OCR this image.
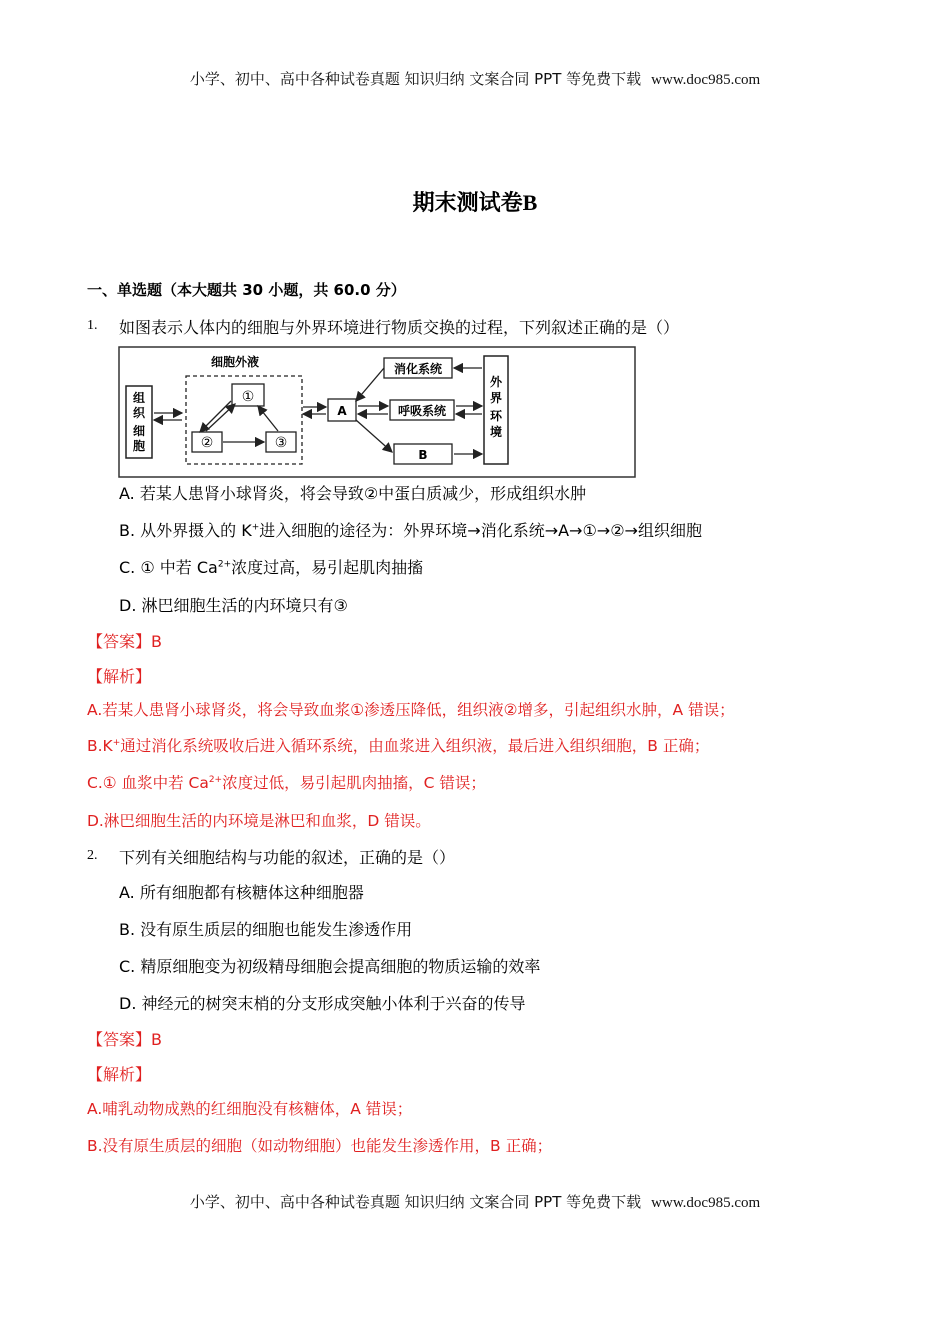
小学、初中、高中各种试卷真题 知识归纳 文案合同 PPT 等免费下载 www.doc985.com
期末测试卷B
一、单选题（本大题共 30 小题，共 60.0 分）
1. 如图表示人体内的细胞与外界环境进行物质交换的过程，下列叙述正确的是（）
组
织
细
胞
细胞外液
①
②	③
A
消化系统
呼吸系统
B
外
界
环
境
A. 若某人患肾小球肾炎，将会导致②中蛋白质减少，形成组织水肿
B. 从外界摄入的 K+进入细胞的途径为：外界环境→消化系统→A→①→②→组织细胞
C. ① 中若 $Ca^{2+}$浓度过高，易引起肌肉抽搐
D. 淋巴细胞生活的内环境只有③
【答案】B
【解析】
A.若某人患肾小球肾炎，将会导致血浆①渗透压降低，组织液②增多，引起组织水肿，A 错误；
B.K+通过消化系统吸收后进入循环系统，由血浆进入组织液，最后进入组织细胞，B 正确；
C.① 血浆中若 $Ca^{2+}$浓度过低，易引起肌肉抽搐，C 错误；
D.淋巴细胞生活的内环境是淋巴和血浆，D 错误。
2. 下列有关细胞结构与功能的叙述，正确的是（）
A. 所有细胞都有核糖体这种细胞器
B. 没有原生质层的细胞也能发生渗透作用
C. 精原细胞变为初级精母细胞会提高细胞的物质运输的效率
D. 神经元的树突末梢的分支形成突触小体利于兴奋的传导
【答案】B
【解析】
A.哺乳动物成熟的红细胞没有核糖体，A 错误；
B.没有原生质层的细胞（如动物细胞）也能发生渗透作用，B 正确；
小学、初中、高中各种试卷真题 知识归纳 文案合同 PPT 等免费下载 www.doc985.com
